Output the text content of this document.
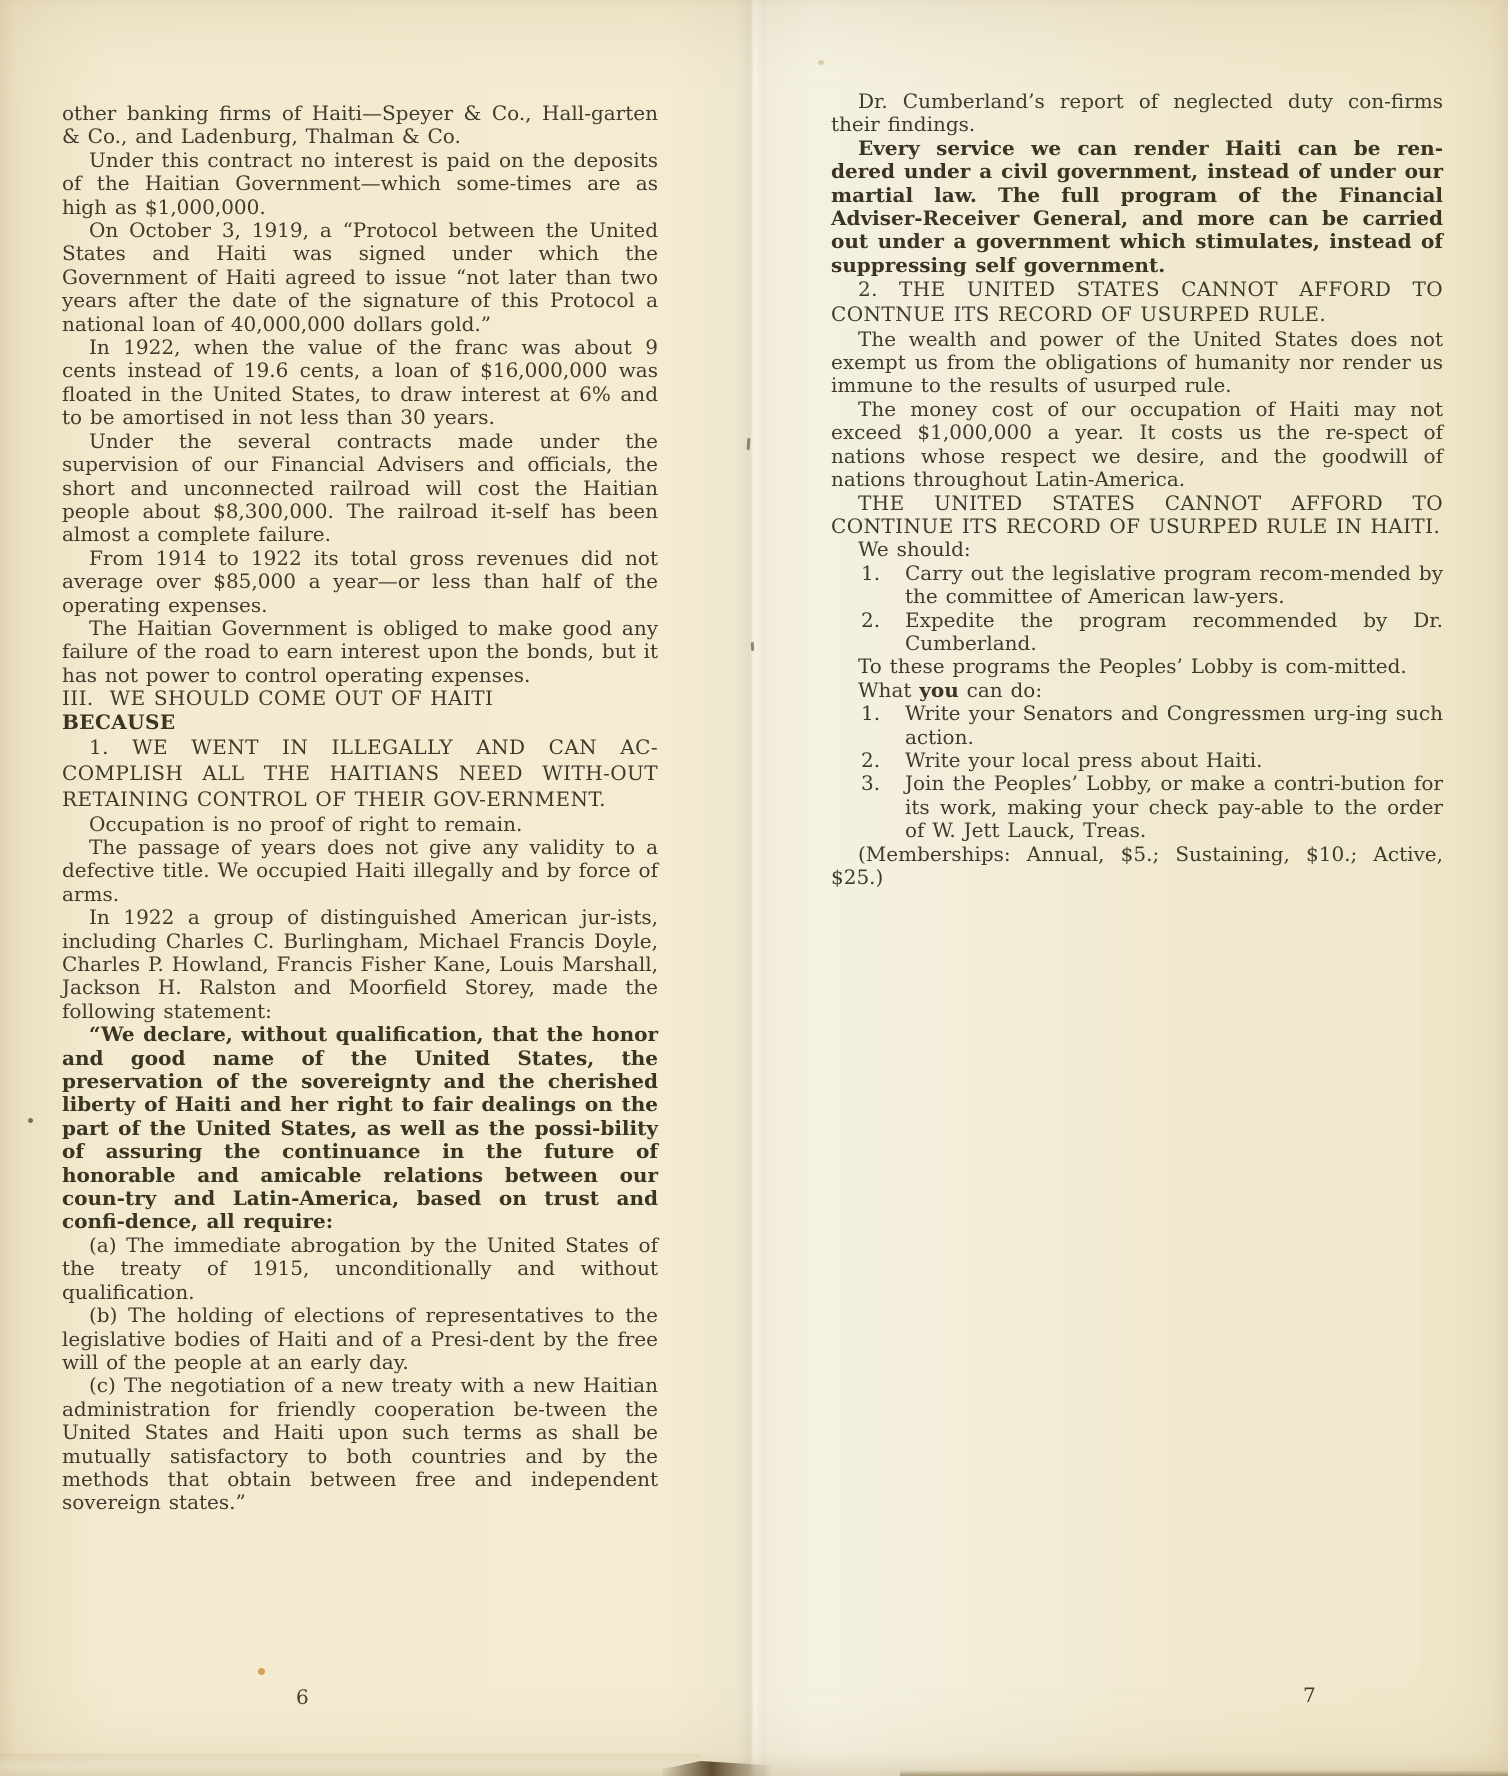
other banking firms of Haiti—Speyer & Co., Hall-garten & Co., and Ladenburg, Thalman & Co.

Under this contract no interest is paid on the deposits of the Haitian Government—which some-times are as high as $1,000,000.

On October 3, 1919, a “Protocol between the United States and Haiti was signed under which the Government of Haiti agreed to issue “not later than two years after the date of the signature of this Protocol a national loan of 40,000,000 dollars gold.”

In 1922, when the value of the franc was about 9 cents instead of 19.6 cents, a loan of $16,000,000 was floated in the United States, to draw interest at 6% and to be amortised in not less than 30 years.

Under the several contracts made under the supervision of our Financial Advisers and officials, the short and unconnected railroad will cost the Haitian people about $8,300,000. The railroad it-self has been almost a complete failure.

From 1914 to 1922 its total gross revenues did not average over $85,000 a year—or less than half of the operating expenses.

The Haitian Government is obliged to make good any failure of the road to earn interest upon the bonds, but it has not power to control operating expenses.

III. WE SHOULD COME OUT OF HAITI

BECAUSE

1. WE WENT IN ILLEGALLY AND CAN AC-COMPLISH ALL THE HAITIANS NEED WITH-OUT RETAINING CONTROL OF THEIR GOV-ERNMENT.

Occupation is no proof of right to remain.

The passage of years does not give any validity to a defective title. We occupied Haiti illegally and by force of arms.

In 1922 a group of distinguished American jur-ists, including Charles C. Burlingham, Michael Francis Doyle, Charles P. Howland, Francis Fisher Kane, Louis Marshall, Jackson H. Ralston and Moorfield Storey, made the following statement:

“We declare, without qualification, that the honor and good name of the United States, the preservation of the sovereignty and the cherished liberty of Haiti and her right to fair dealings on the part of the United States, as well as the possi-bility of assuring the continuance in the future of honorable and amicable relations between our coun-try and Latin-America, based on trust and confi-dence, all require:

(a) The immediate abrogation by the United States of the treaty of 1915, unconditionally and without qualification.

(b) The holding of elections of representatives to the legislative bodies of Haiti and of a Presi-dent by the free will of the people at an early day.

(c) The negotiation of a new treaty with a new Haitian administration for friendly cooperation be-tween the United States and Haiti upon such terms as shall be mutually satisfactory to both countries and by the methods that obtain between free and independent sovereign states.”

6

Dr. Cumberland’s report of neglected duty con-firms their findings.

Every service we can render Haiti can be ren-dered under a civil government, instead of under our martial law. The full program of the Financial Adviser-Receiver General, and more can be carried out under a government which stimulates, instead of suppressing self government.

2. THE UNITED STATES CANNOT AFFORD TO CONTNUE ITS RECORD OF USURPED RULE.

The wealth and power of the United States does not exempt us from the obligations of humanity nor render us immune to the results of usurped rule.

The money cost of our occupation of Haiti may not exceed $1,000,000 a year. It costs us the re-spect of nations whose respect we desire, and the goodwill of nations throughout Latin-America.

THE UNITED STATES CANNOT AFFORD TO CONTINUE ITS RECORD OF USURPED RULE IN HAITI.

We should:

1. Carry out the legislative program recom-mended by the committee of American law-yers.

2. Expedite the program recommended by Dr. Cumberland.

To these programs the Peoples’ Lobby is com-mitted.

What you can do:

1. Write your Senators and Congressmen urg-ing such action.

2. Write your local press about Haiti.

3. Join the Peoples’ Lobby, or make a contri-bution for its work, making your check pay-able to the order of W. Jett Lauck, Treas.

(Memberships: Annual, $5.; Sustaining, $10.; Active, $25.)

7
